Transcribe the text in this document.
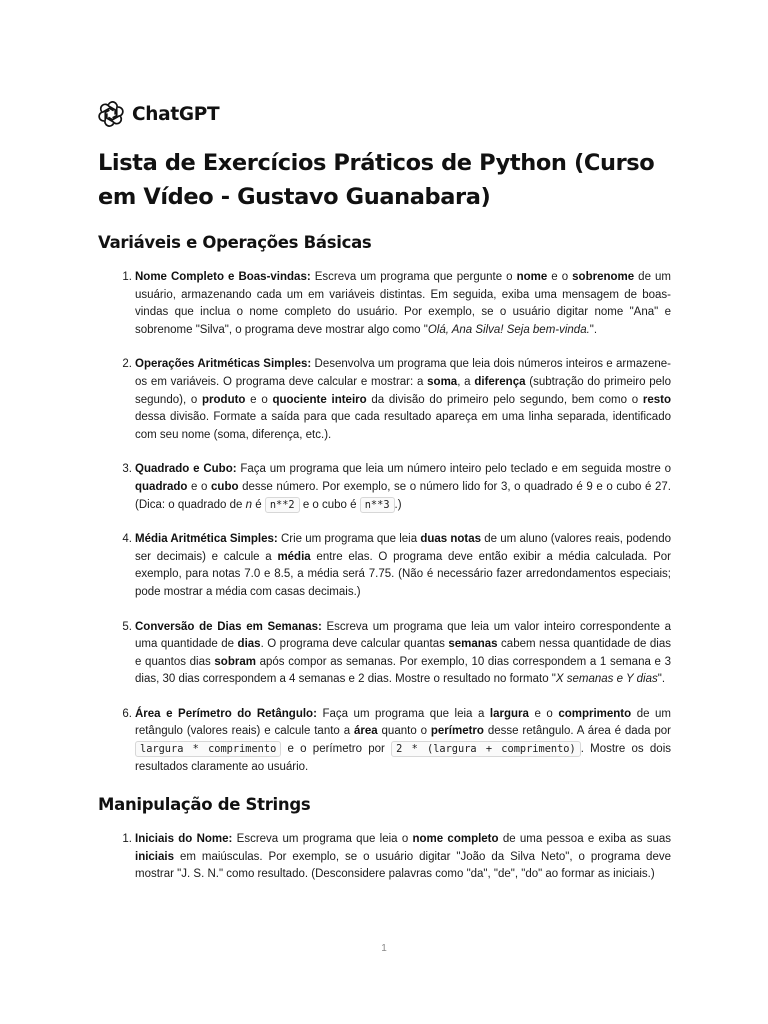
ChatGPT
Lista de Exercícios Práticos de Python (Curso em Vídeo - Gustavo Guanabara)
Variáveis e Operações Básicas
1. Nome Completo e Boas-vindas: Escreva um programa que pergunte o nome e o sobrenome de um usuário, armazenando cada um em variáveis distintas. Em seguida, exiba uma mensagem de boas-vindas que inclua o nome completo do usuário. Por exemplo, se o usuário digitar nome "Ana" e sobrenome "Silva", o programa deve mostrar algo como "Olá, Ana Silva! Seja bem-vinda.".

2. Operações Aritméticas Simples: Desenvolva um programa que leia dois números inteiros e armazene-os em variáveis. O programa deve calcular e mostrar: a soma, a diferença (subtração do primeiro pelo segundo), o produto e o quociente inteiro da divisão do primeiro pelo segundo, bem como o resto dessa divisão. Formate a saída para que cada resultado apareça em uma linha separada, identificado com seu nome (soma, diferença, etc.).

3. Quadrado e Cubo: Faça um programa que leia um número inteiro pelo teclado e em seguida mostre o quadrado e o cubo desse número. Por exemplo, se o número lido for 3, o quadrado é 9 e o cubo é 27. (Dica: o quadrado de n é n**2 e o cubo é n**3 .)

4. Média Aritmética Simples: Crie um programa que leia duas notas de um aluno (valores reais, podendo ser decimais) e calcule a média entre elas. O programa deve então exibir a média calculada. Por exemplo, para notas 7.0 e 8.5, a média será 7.75. (Não é necessário fazer arredondamentos especiais; pode mostrar a média com casas decimais.)

5. Conversão de Dias em Semanas: Escreva um programa que leia um valor inteiro correspondente a uma quantidade de dias. O programa deve calcular quantas semanas cabem nessa quantidade de dias e quantos dias sobram após compor as semanas. Por exemplo, 10 dias correspondem a 1 semana e 3 dias, 30 dias correspondem a 4 semanas e 2 dias. Mostre o resultado no formato "X semanas e Y dias".

6. Área e Perímetro do Retângulo: Faça um programa que leia a largura e o comprimento de um retângulo (valores reais) e calcule tanto a área quanto o perímetro desse retângulo. A área é dada por largura * comprimento e o perímetro por 2 * (largura + comprimento) . Mostre os dois resultados claramente ao usuário.

Manipulação de Strings
1. Iniciais do Nome: Escreva um programa que leia o nome completo de uma pessoa e exiba as suas iniciais em maiúsculas. Por exemplo, se o usuário digitar "João da Silva Neto", o programa deve mostrar "J. S. N." como resultado. (Desconsidere palavras como "da", "de", "do" ao formar as iniciais.)

1
